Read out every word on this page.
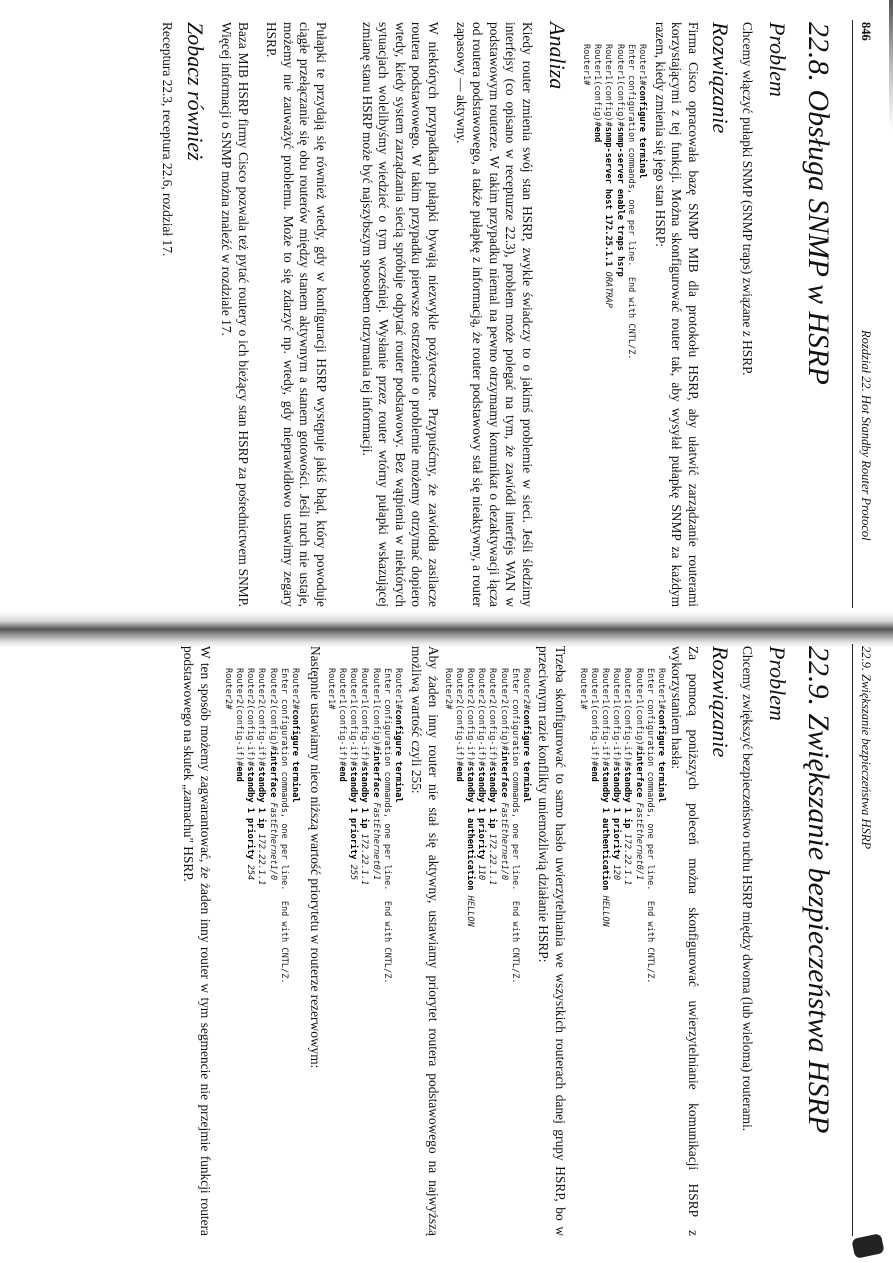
846
Rozdział 22. Hot Standby Router Protocol
22.8. Obsługa SNMP w HSRP
Problem

Chcemy włączyć pułapki SNMP (SNMP traps) związane z HSRP.

Rozwiązanie

Firma Cisco opracowała bazę SNMP MIB dla protokołu HSRP, aby ułatwić zarządzanie routerami korzystającymi z tej funkcji. Można skonfigurować router tak, aby wysyłał pułapkę SNMP za każdym razem, kiedy zmienia się jego stan HSRP:

Router1#configure terminal
Enter configuration commands, one per line.  End with CNTL/Z.
Router1(config)#snmp-server enable traps hsrp
Router1(config)#snmp-server host 172.25.1.1 ORATRAP
Router1(config)#end
Router1#
Analiza

Kiedy router zmienia swój stan HSRP, zwykle świadczy to o jakimś problemie w sieci. Jeśli śledzimy interfejsy (co opisano w recepturze 22.3), problem może polegać na tym, że zawiódł interfejs WAN w podstawowym routerze. W takim przypadku niemal na pewno otrzymamy komunikat o dezaktywacji łącza od routera podstawowego, a także pułapkę z informacją, że router podstawowy stał się nieaktywny, a router zapasowy — aktywny.

W niektórych przypadkach pułapki bywają niezwykle pożyteczne. Przypuśćmy, że zawiodła zasilacze routera podstawowego. W takim przypadku pierwsze ostrzeżenie o problemie możemy otrzymać dopiero wtedy, kiedy system zarządzania siecią spróbuje odpytać router podstawowy. Bez wątpienia w niektórych sytuacjach wolelibyśmy wiedzieć o tym wcześniej. Wysłanie przez router wtórny pułapki wskazującej zmianę stanu HSRP może być najszybszym sposobem otrzymania tej informacji.

Pułapki te przydają się również wtedy, gdy w konfiguracji HSRP występuje jakiś błąd, który powoduje ciągłe przełączanie się obu routerów między stanem aktywnym a stanem gotowości. Jeśli ruch nie ustaje, możemy nie zauważyć problemu. Może to się zdarzyć np. wtedy, gdy nieprawidłowo ustawimy zegary HSRP.

Baza MIB HSRP firmy Cisco pozwala też pytać routery o ich bieżący stan HSRP za pośrednictwem SNMP. Więcej informacji o SNMP można znaleźć w rozdziale 17.

Zobacz również

Receptura 22.3, receptura 22.6, rozdział 17.

22.9. Zwiększanie bezpieczeństwa HSRP
22.9. Zwiększanie bezpieczeństwa HSRP
Problem

Chcemy zwiększyć bezpieczeństwo ruchu HSRP między dwoma (lub wieloma) routerami.

Rozwiązanie

Za pomocą poniższych poleceń można skonfigurować uwierzytelnianie komunikacji HSRP z wykorzystaniem hasła:

Router1#configure terminal
Enter configuration commands, one per line.  End with CNTL/Z.
Router1(config)#interface FastEthernet0/1
Router1(config-if)#standby 1 ip 172.22.1.1
Router1(config-if)#standby 1 priority 120
Router1(config-if)#standby 1 authentication HELLON
Router1(config-if)#end
Router1#

Trzeba skonfigurować to samo hasło uwierzytelniania we wszystkich routerach danej grupy HSRP, bo w przeciwnym razie konflikty uniemożliwią działanie HSRP:

Router2#configure terminal
Enter configuration commands, one per line.  End with CNTL/Z.
Router2(config)#interface FastEthernet1/0
Router2(config-if)#standby 1 ip 172.22.1.1
Router2(config-if)#standby 1 priority 110
Router2(config-if)#standby 1 authentication HELLON
Router2(config-if)#end
Router2#

Aby żaden inny router nie stał się aktywny, ustawiamy priorytet routera podstawowego na najwyższą możliwą wartość czyli 255:

Router1#configure terminal
Enter configuration commands, one per line.  End with CNTL/Z.
Router1(config)#interface FastEthernet0/1
Router1(config-if)#standby 1 ip 172.22.1.1
Router1(config-if)#standby 1 priority 255
Router1(config-if)#end
Router1#

Następnie ustawiamy nieco niższą wartość priorytetu w routerze rezerwowym:

Router2#configure terminal
Enter configuration commands, one per line.  End with CNTL/Z.
Router2(config)#interface FastEthernet1/0
Router2(config-if)#standby 1 ip 172.22.1.1
Router2(config-if)#standby 1 priority 254
Router2(config-if)#end
Router2#

W ten sposób możemy zagwarantować, że żaden inny router w tym segmencie nie przejmie funkcji routera podstawowego na skutek „zamachu" HSRP.
